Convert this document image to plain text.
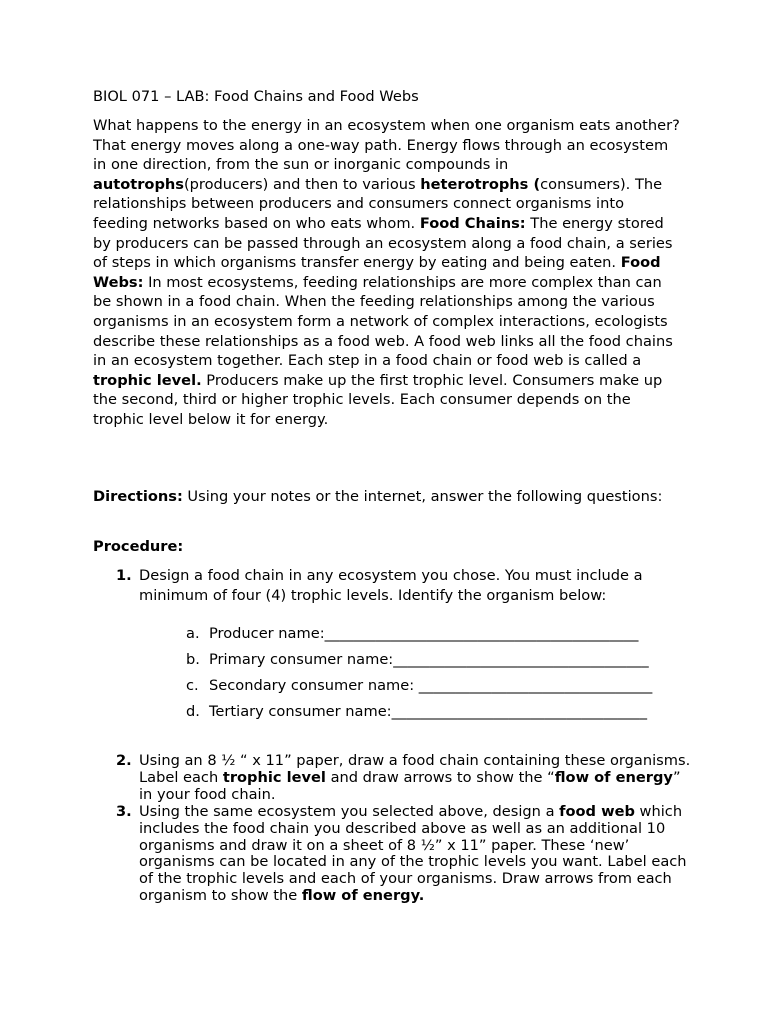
BIOL 071 – LAB: Food Chains and Food Webs
What happens to the energy in an ecosystem when one organism eats another? That energy moves along a one-way path. Energy flows through an ecosystem in one direction, from the sun or inorganic compounds in autotrophs(producers) and then to various heterotrophs (consumers). The relationships between producers and consumers connect organisms into feeding networks based on who eats whom. Food Chains: The energy stored by producers can be passed through an ecosystem along a food chain, a series of steps in which organisms transfer energy by eating and being eaten. Food Webs: In most ecosystems, feeding relationships are more complex than can be shown in a food chain. When the feeding relationships among the various organisms in an ecosystem form a network of complex interactions, ecologists describe these relationships as a food web. A food web links all the food chains in an ecosystem together. Each step in a food chain or food web is called a trophic level. Producers make up the first trophic level. Consumers make up the second, third or higher trophic levels. Each consumer depends on the trophic level below it for energy.
Directions: Using your notes or the internet, answer the following questions:
Procedure:
1. Design a food chain in any ecosystem you chose. You must include a minimum of four (4) trophic levels. Identify the organism below:
a. Producer name:___________________________________________
b. Primary consumer name:___________________________________
c. Secondary consumer name: ________________________________
d. Tertiary consumer name:___________________________________
2. Using an 8 ½ “ x 11” paper, draw a food chain containing these organisms. Label each trophic level and draw arrows to show the “flow of energy” in your food chain.
3. Using the same ecosystem you selected above, design a food web which includes the food chain you described above as well as an additional 10 organisms and draw it on a sheet of 8 ½” x 11” paper. These ‘new’ organisms can be located in any of the trophic levels you want. Label each of the trophic levels and each of your organisms. Draw arrows from each organism to show the flow of energy.
